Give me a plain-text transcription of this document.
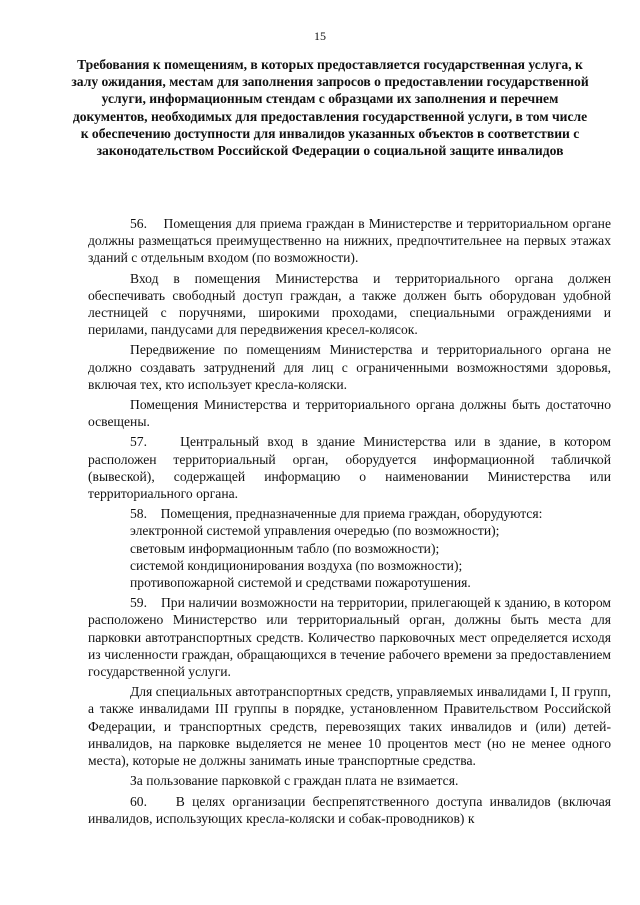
15
Требования к помещениям, в которых предоставляется государственная услуга, к залу ожидания, местам для заполнения запросов о предоставлении государственной услуги, информационным стендам с образцами их заполнения и перечнем документов, необходимых для предоставления государственной услуги, в том числе к обеспечению доступности для инвалидов указанных объектов в соответствии с законодательством Российской Федерации о социальной защите инвалидов

56.    Помещения для приема граждан в Министерстве и территориальном органе должны размещаться преимущественно на нижних, предпочтительнее на первых этажах зданий с отдельным входом (по возможности).

Вход в помещения Министерства и территориального органа должен обеспечивать свободный доступ граждан, а также должен быть оборудован удобной лестницей с поручнями, широкими проходами, специальными ограждениями и перилами, пандусами для передвижения кресел-колясок.

Передвижение по помещениям Министерства и территориального органа не должно создавать затруднений для лиц с ограниченными возможностями здоровья, включая тех, кто использует кресла-коляски.

Помещения Министерства и территориального органа должны быть достаточно освещены.

57.    Центральный вход в здание Министерства или в здание, в котором расположен территориальный орган, оборудуется информационной табличкой (вывеской), содержащей информацию о наименовании Министерства или территориального органа.

58.    Помещения, предназначенные для приема граждан, оборудуются:

электронной системой управления очередью (по возможности);

световым информационным табло (по возможности);

системой кондиционирования воздуха (по возможности);

противопожарной системой и средствами пожаротушения.

59.    При наличии возможности на территории, прилегающей к зданию, в котором расположено Министерство или территориальный орган, должны быть места для парковки автотранспортных средств. Количество парковочных мест определяется исходя из численности граждан, обращающихся в течение рабочего времени за предоставлением государственной услуги.

Для специальных автотранспортных средств, управляемых инвалидами I, II групп, а также инвалидами III группы в порядке, установленном Правительством Российской Федерации, и транспортных средств, перевозящих таких инвалидов и (или) детей-инвалидов, на парковке выделяется не менее 10 процентов мест (но не менее одного места), которые не должны занимать иные транспортные средства.

За пользование парковкой с граждан плата не взимается.

60.    В целях организации беспрепятственного доступа инвалидов (включая инвалидов, использующих кресла-коляски и собак-проводников) к
